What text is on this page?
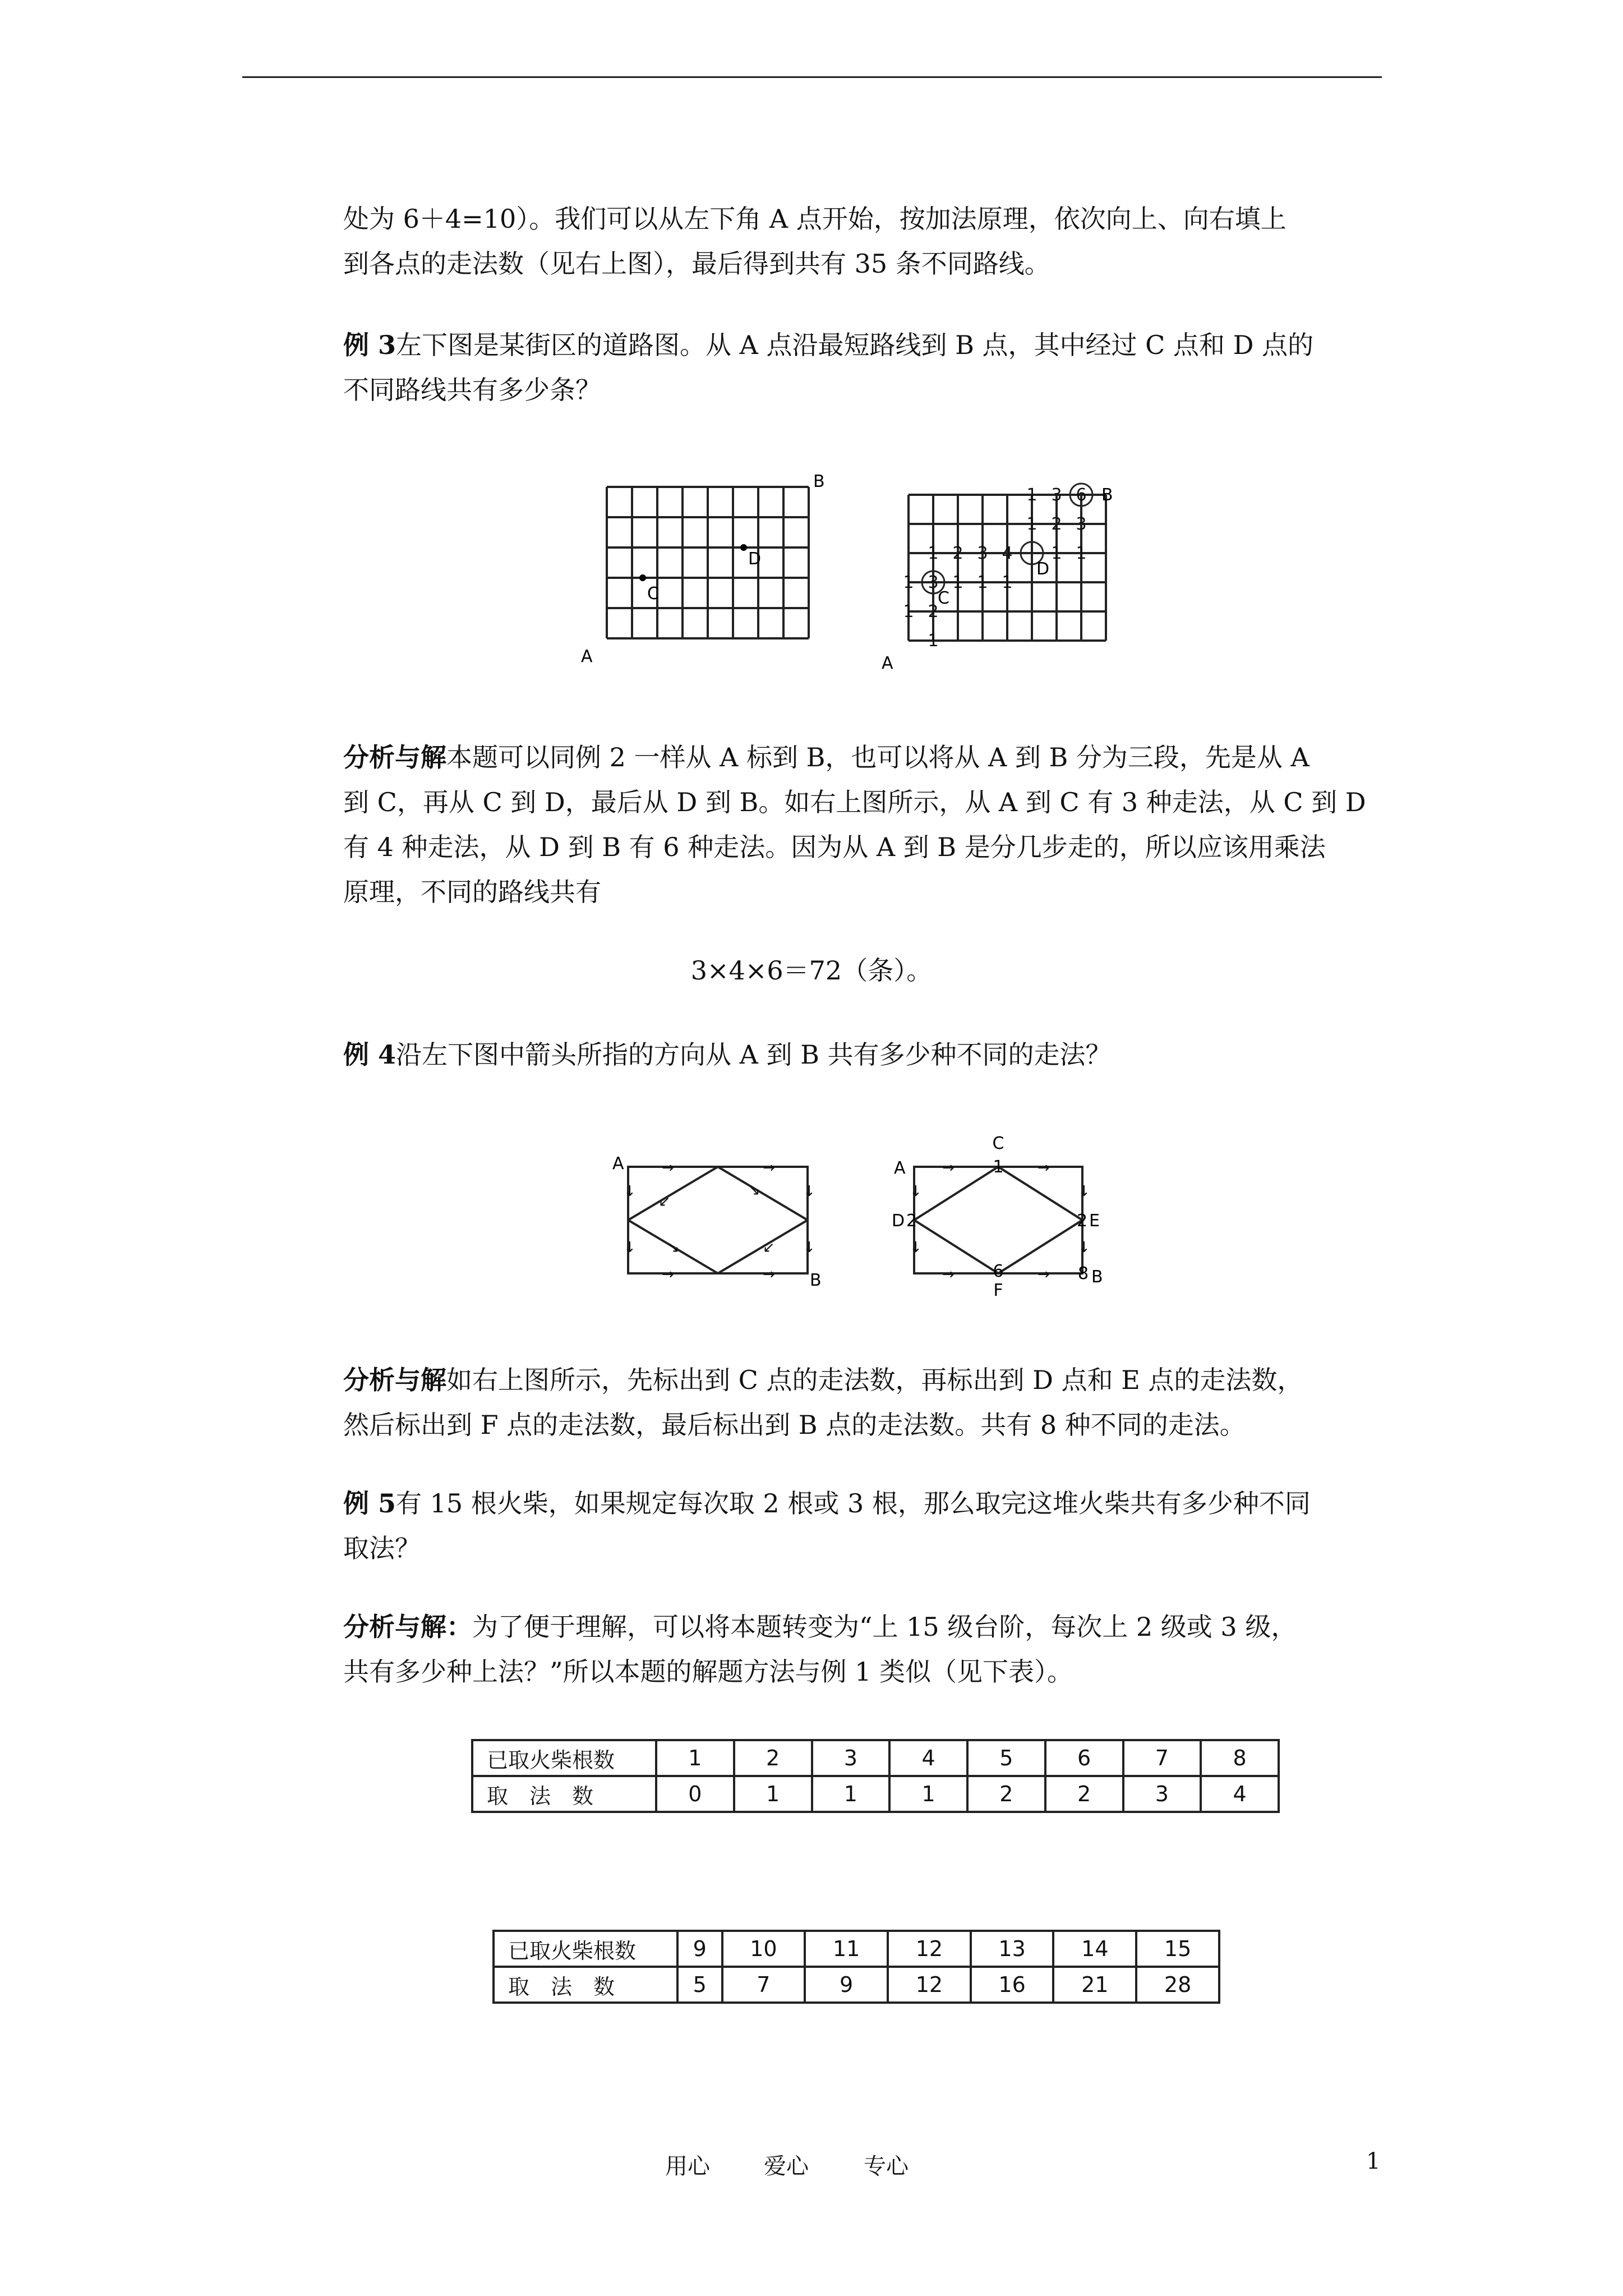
处为 6＋4=10）。我们可以从左下角 A 点开始，按加法原理，依次向上、向右填上

到各点的走法数（见右上图），最后得到共有 35 条不同路线。

例 3左下图是某街区的道路图。从 A 点沿最短路线到 B 点，其中经过 C 点和 D 点的

不同路线共有多少条？

B
C
D
A
1 3 6
1 2 3
1 2 3 4 1 1
1 3 1 1 1
1 2
1
B
D
C
A

分析与解本题可以同例 2 一样从 A 标到 B，也可以将从 A 到 B 分为三段，先是从 A

到 C，再从 C 到 D，最后从 D 到 B。如右上图所示，从 A 到 C 有 3 种走法，从 C 到 D

有 4 种走法，从 D 到 B 有 6 种走法。因为从 A 到 B 是分几步走的，所以应该用乘法

原理，不同的路线共有

3×4×6＝72（条）。

例 4沿左下图中箭头所指的方向从 A 到 B 共有多少种不同的走法？

→	→
→	→
↓
↓
↓
↓
↙
↘
↘	↙
A
B
→	→
→	→
↓
↓
↓
↓
C
1
A
D 2	2 E
6
F
8 B

分析与解如右上图所示，先标出到 C 点的走法数，再标出到 D 点和 E 点的走法数，

然后标出到 F 点的走法数，最后标出到 B 点的走法数。共有 8 种不同的走法。

例 5有 15 根火柴，如果规定每次取 2 根或 3 根，那么取完这堆火柴共有多少种不同

取法？

分析与解：为了便于理解，可以将本题转变为“上 15 级台阶，每次上 2 级或 3 级，

共有多少种上法？”所以本题的解题方法与例 1 类似（见下表）。

已取火柴根数	1	2	3	4	5	6	7	8
取　法　数	0	1	1	1	2	2	3	4
已取火柴根数	9	10	11	12	13	14	15
取　法　数	5	7	9	12	16	21	28
用心 爱心 专心	1
